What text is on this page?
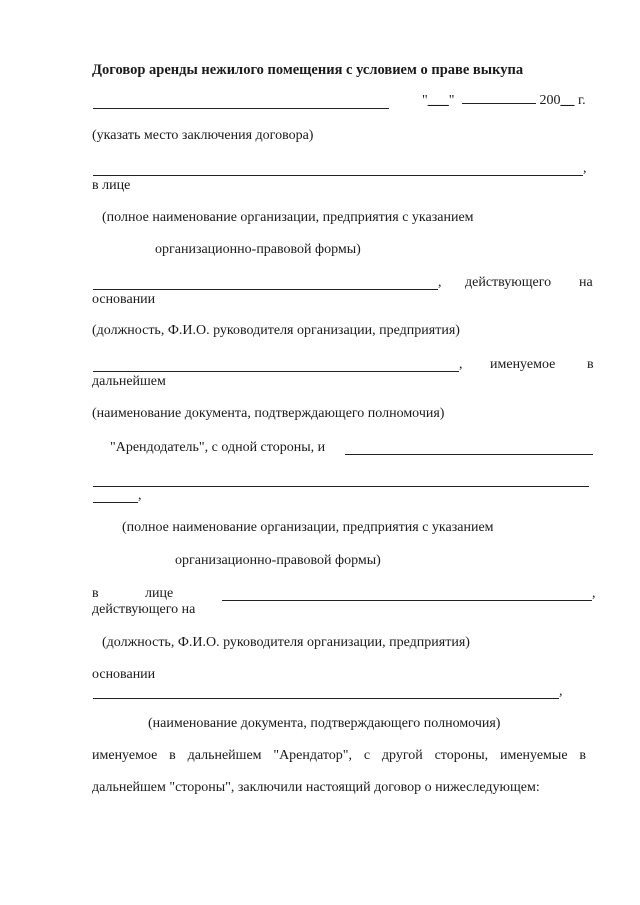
Договор аренды нежилого помещения с условием о праве выкупа
"___"	200__ г.
(указать место заключения договора)
,
в лице
(полное наименование организации, предприятия с указанием
организационно-правовой формы)
, действующего на
основании
(должность, Ф.И.О. руководителя организации, предприятия)
, именуемое в
дальнейшем
(наименование документа, подтверждающего полномочия)
"Арендодатель", с одной стороны, и
,
(полное наименование организации, предприятия с указанием
организационно-правовой формы)
в	лице	,
действующего на
(должность, Ф.И.О. руководителя организации, предприятия)
основании
,
(наименование документа, подтверждающего полномочия)
именуемое в дальнейшем "Арендатор", с другой стороны, именуемые в
дальнейшем "стороны", заключили настоящий договор о нижеследующем:
